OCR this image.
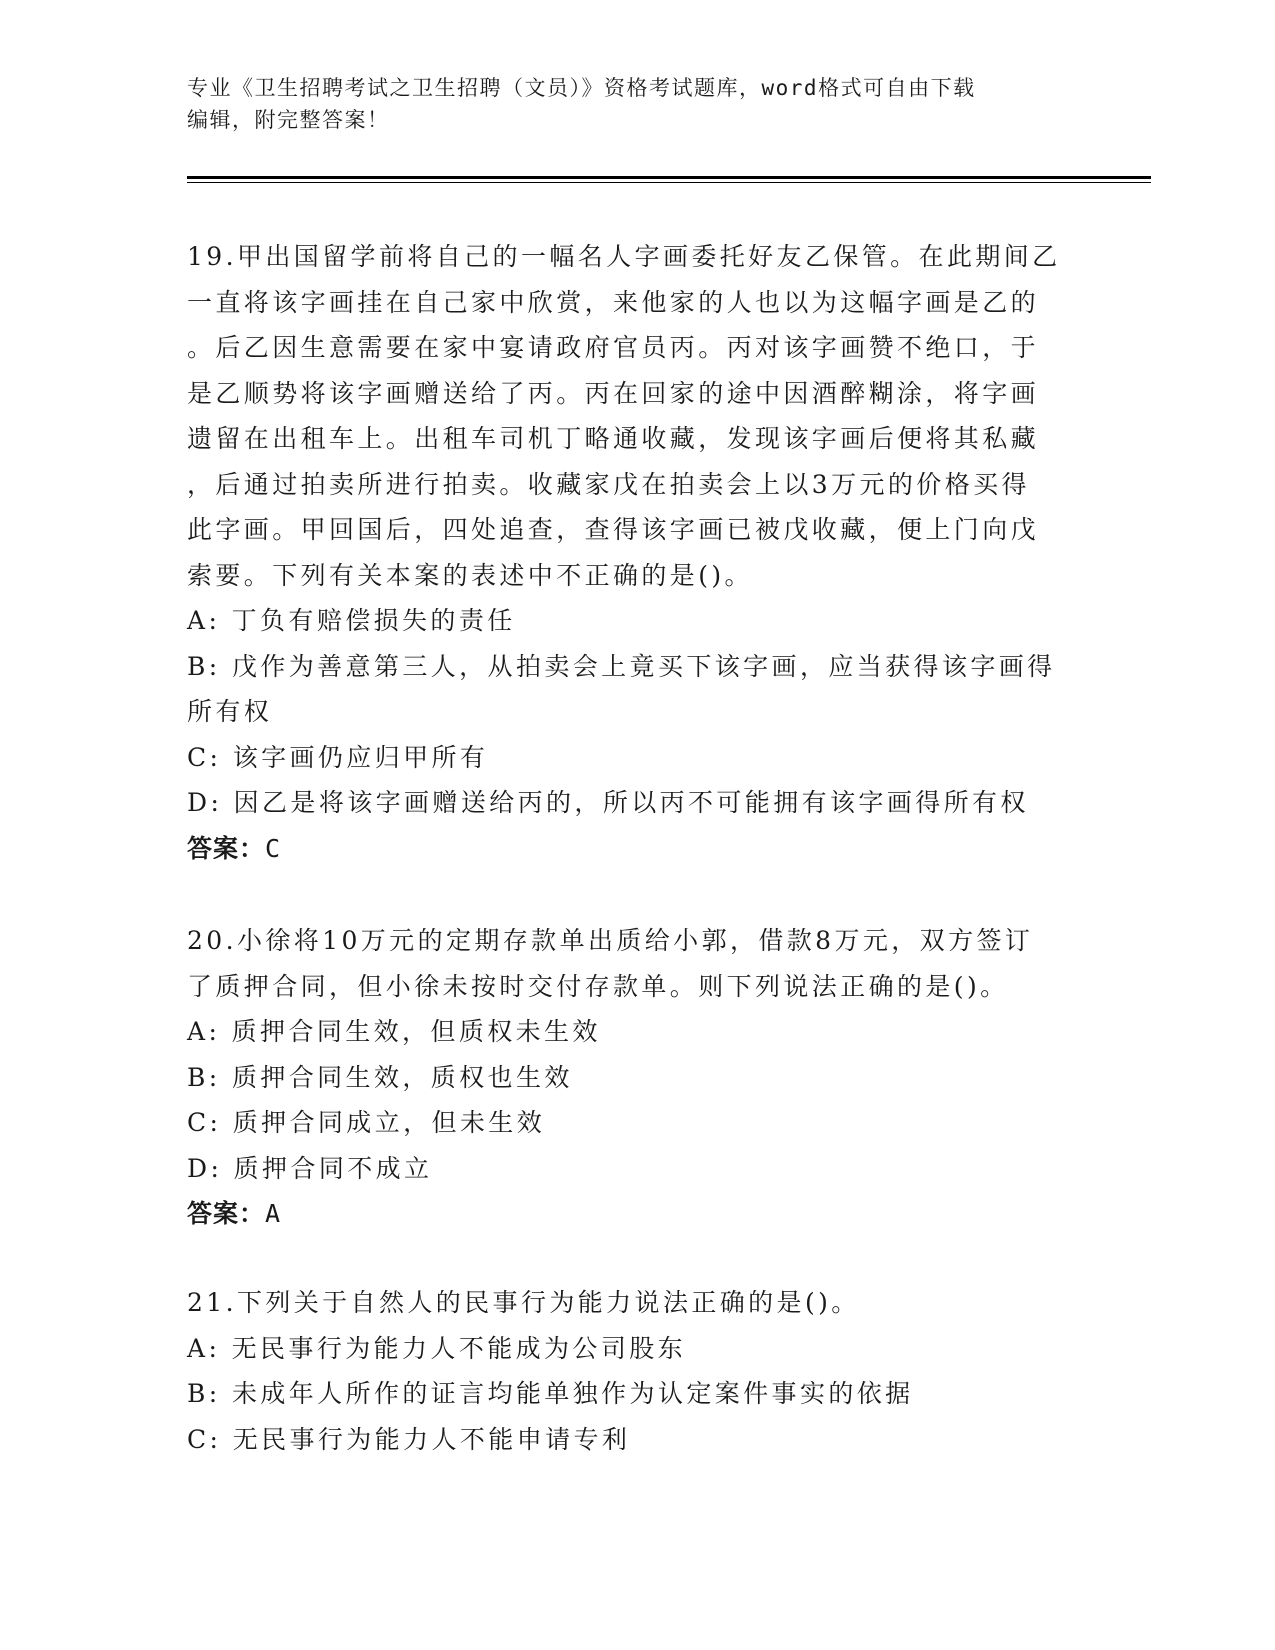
专业《卫生招聘考试之卫生招聘（文员）》资格考试题库，word格式可自由下载

编辑，附完整答案！

19.甲出国留学前将自己的一幅名人字画委托好友乙保管。在此期间乙

一直将该字画挂在自己家中欣赏，来他家的人也以为这幅字画是乙的

。后乙因生意需要在家中宴请政府官员丙。丙对该字画赞不绝口，于

是乙顺势将该字画赠送给了丙。丙在回家的途中因酒醉糊涂，将字画

遗留在出租车上。出租车司机丁略通收藏，发现该字画后便将其私藏

，后通过拍卖所进行拍卖。收藏家戊在拍卖会上以3万元的价格买得

此字画。甲回国后，四处追查，查得该字画已被戊收藏，便上门向戊

索要。下列有关本案的表述中不正确的是()。

A: 丁负有赔偿损失的责任

B: 戊作为善意第三人，从拍卖会上竟买下该字画，应当获得该字画得

所有权

C: 该字画仍应归甲所有

D: 因乙是将该字画赠送给丙的，所以丙不可能拥有该字画得所有权

答案：C

20.小徐将10万元的定期存款单出质给小郭，借款8万元，双方签订

了质押合同，但小徐未按时交付存款单。则下列说法正确的是()。

A: 质押合同生效，但质权未生效

B: 质押合同生效，质权也生效

C: 质押合同成立，但未生效

D: 质押合同不成立

答案：A

21.下列关于自然人的民事行为能力说法正确的是()。

A: 无民事行为能力人不能成为公司股东

B: 未成年人所作的证言均能单独作为认定案件事实的依据

C: 无民事行为能力人不能申请专利
